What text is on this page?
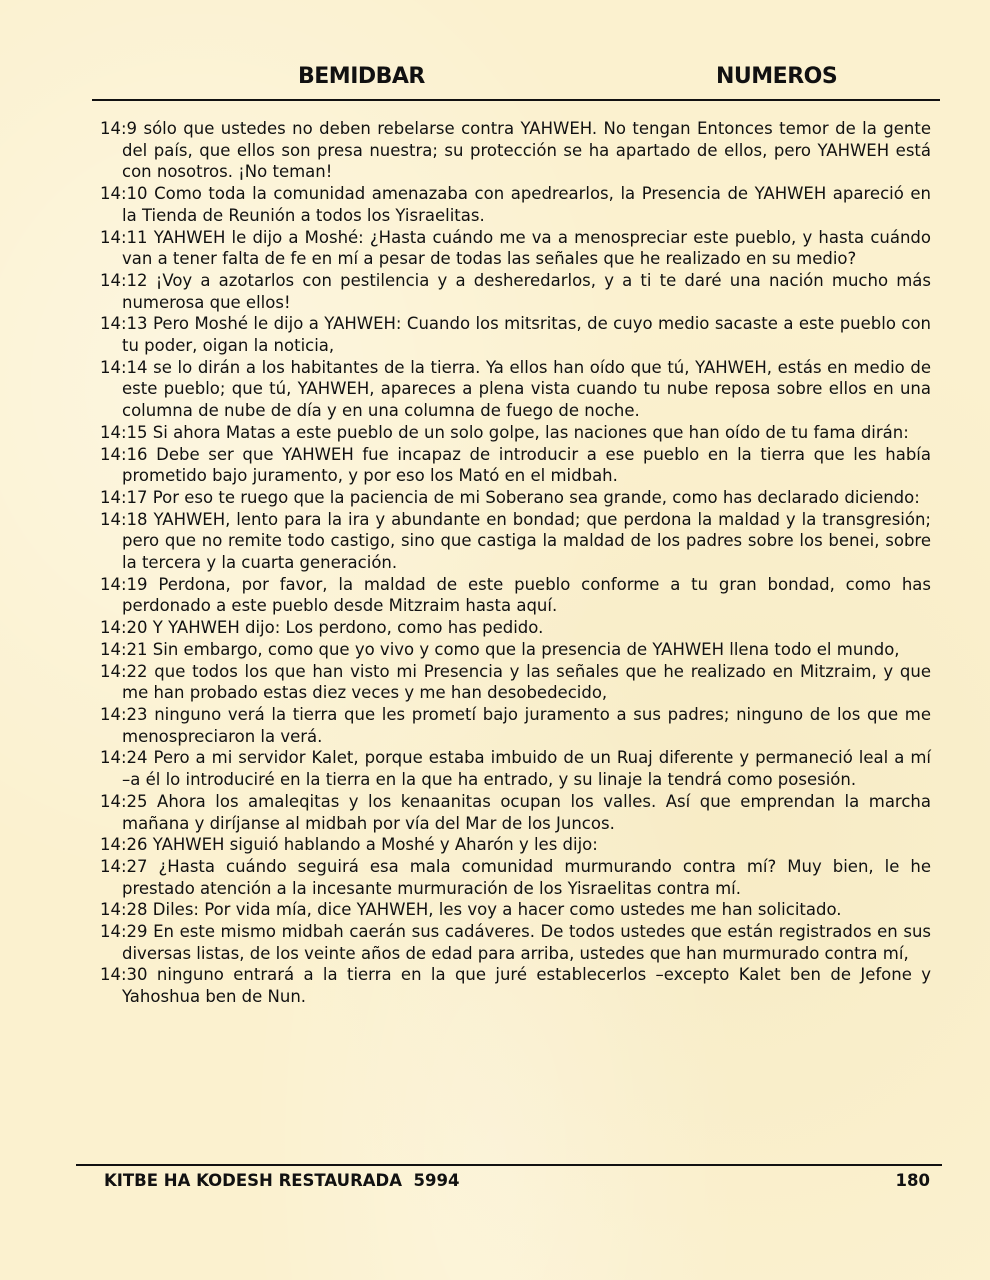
BEMIDBAR	NUMEROS

14:9 sólo que ustedes no deben rebelarse contra YAHWEH. No tengan Entonces temor de la gente del país, que ellos son presa nuestra; su protección se ha apartado de ellos, pero YAHWEH está con nosotros. ¡No teman!

14:10 Como toda la comunidad amenazaba con apedrearlos, la Presencia de YAHWEH apareció en la Tienda de Reunión a todos los Yisraelitas.

14:11 YAHWEH le dijo a Moshé: ¿Hasta cuándo me va a menospreciar este pueblo, y hasta cuándo van a tener falta de fe en mí a pesar de todas las señales que he realizado en su medio?

14:12 ¡Voy a azotarlos con pestilencia y a desheredarlos, y a ti te daré una nación mucho más numerosa que ellos!

14:13 Pero Moshé le dijo a YAHWEH: Cuando los mitsritas, de cuyo medio sacaste a este pueblo con tu poder, oigan la noticia,

14:14 se lo dirán a los habitantes de la tierra. Ya ellos han oído que tú, YAHWEH, estás en medio de este pueblo; que tú, YAHWEH, apareces a plena vista cuando tu nube reposa sobre ellos en una columna de nube de día y en una columna de fuego de noche.

14:15 Si ahora Matas a este pueblo de un solo golpe, las naciones que han oído de tu fama dirán:

14:16 Debe ser que YAHWEH fue incapaz de introducir a ese pueblo en la tierra que les había prometido bajo juramento, y por eso los Mató en el midbah.

14:17 Por eso te ruego que la paciencia de mi Soberano sea grande, como has declarado diciendo:

14:18 YAHWEH, lento para la ira y abundante en bondad; que perdona la maldad y la transgresión; pero que no remite todo castigo, sino que castiga la maldad de los padres sobre los benei, sobre la tercera y la cuarta generación.

14:19 Perdona, por favor, la maldad de este pueblo conforme a tu gran bondad, como has perdonado a este pueblo desde Mitzraim hasta aquí.

14:20 Y YAHWEH dijo: Los perdono, como has pedido.

14:21 Sin embargo, como que yo vivo y como que la presencia de YAHWEH llena todo el mundo,

14:22 que todos los que han visto mi Presencia y las señales que he realizado en Mitzraim, y que me han probado estas diez veces y me han desobedecido,

14:23 ninguno verá la tierra que les prometí bajo juramento a sus padres; ninguno de los que me menospreciaron la verá.

14:24 Pero a mi servidor Kalet, porque estaba imbuido de un Ruaj diferente y permaneció leal a mí –a él lo introduciré en la tierra en la que ha entrado, y su linaje la tendrá como posesión.

14:25 Ahora los amaleqitas y los kenaanitas ocupan los valles. Así que emprendan la marcha mañana y diríjanse al midbah por vía del Mar de los Juncos.

14:26 YAHWEH siguió hablando a Moshé y Aharón y les dijo:

14:27 ¿Hasta cuándo seguirá esa mala comunidad murmurando contra mí? Muy bien, le he prestado atención a la incesante murmuración de los Yisraelitas contra mí.

14:28 Diles: Por vida mía, dice YAHWEH, les voy a hacer como ustedes me han solicitado.

14:29 En este mismo midbah caerán sus cadáveres. De todos ustedes que están registrados en sus diversas listas, de los veinte años de edad para arriba, ustedes que han murmurado contra mí,

14:30 ninguno entrará a la tierra en la que juré establecerlos –excepto Kalet ben de Jefone y Yahoshua ben de Nun.

KITBE HA KODESH RESTAURADA  5994	180
